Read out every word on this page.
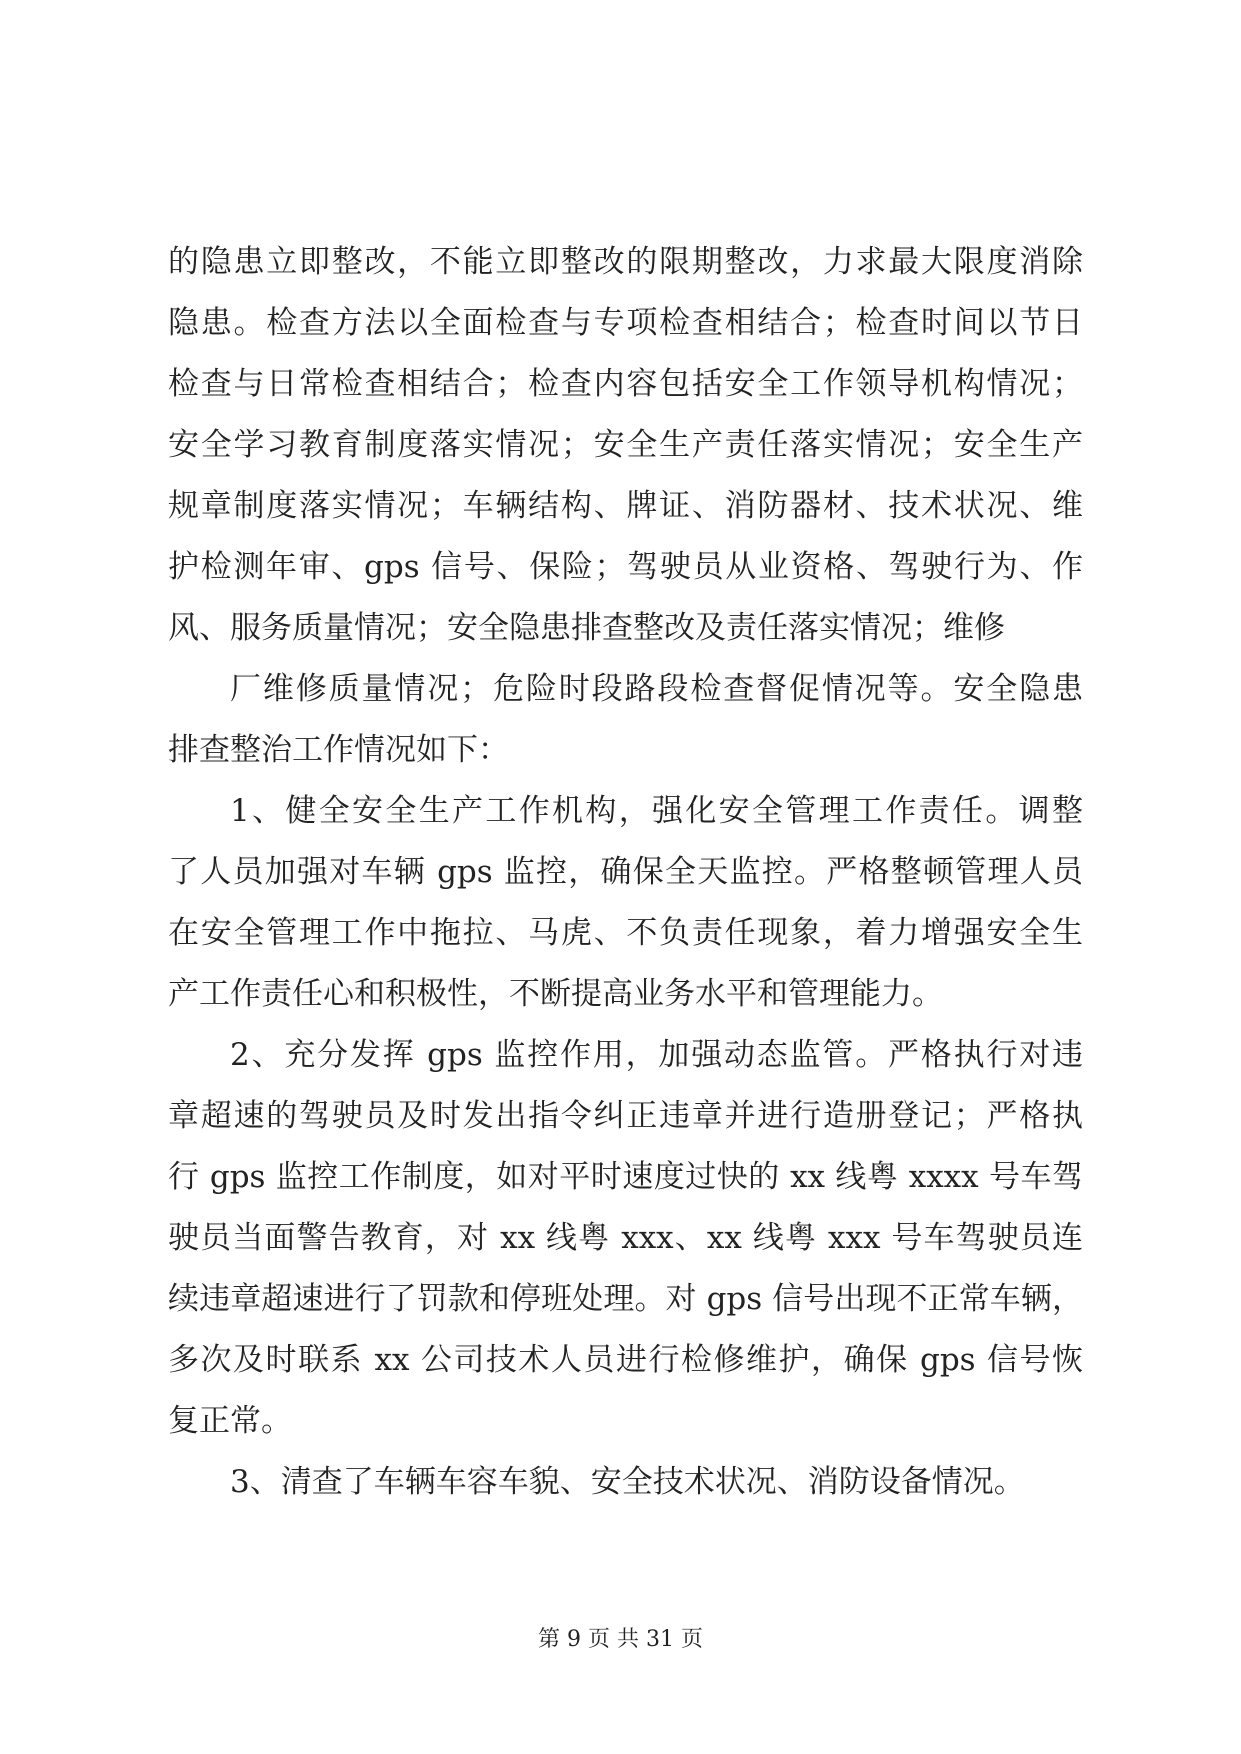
的隐患立即整改，不能立即整改的限期整改，力求最大限度消除
隐患。检查方法以全面检查与专项检查相结合；检查时间以节日
检查与日常检查相结合；检查内容包括安全工作领导机构情况；
安全学习教育制度落实情况；安全生产责任落实情况；安全生产
规章制度落实情况；车辆结构、牌证、消防器材、技术状况、维
护检测年审、gps 信号、保险；驾驶员从业资格、驾驶行为、作
风、服务质量情况；安全隐患排查整改及责任落实情况；维修
厂维修质量情况；危险时段路段检查督促情况等。安全隐患
排查整治工作情况如下：
1、健全安全生产工作机构，强化安全管理工作责任。调整
了人员加强对车辆 gps 监控，确保全天监控。严格整顿管理人员
在安全管理工作中拖拉、马虎、不负责任现象，着力增强安全生
产工作责任心和积极性，不断提高业务水平和管理能力。
2、充分发挥 gps 监控作用，加强动态监管。严格执行对违
章超速的驾驶员及时发出指令纠正违章并进行造册登记；严格执
行 gps 监控工作制度，如对平时速度过快的 xx 线粤 xxxx 号车驾
驶员当面警告教育，对 xx 线粤 xxx、xx 线粤 xxx 号车驾驶员连
续违章超速进行了罚款和停班处理。对 gps 信号出现不正常车辆，
多次及时联系 xx 公司技术人员进行检修维护，确保 gps 信号恢
复正常。
3、清查了车辆车容车貌、安全技术状况、消防设备情况。
第 9 页 共 31 页
